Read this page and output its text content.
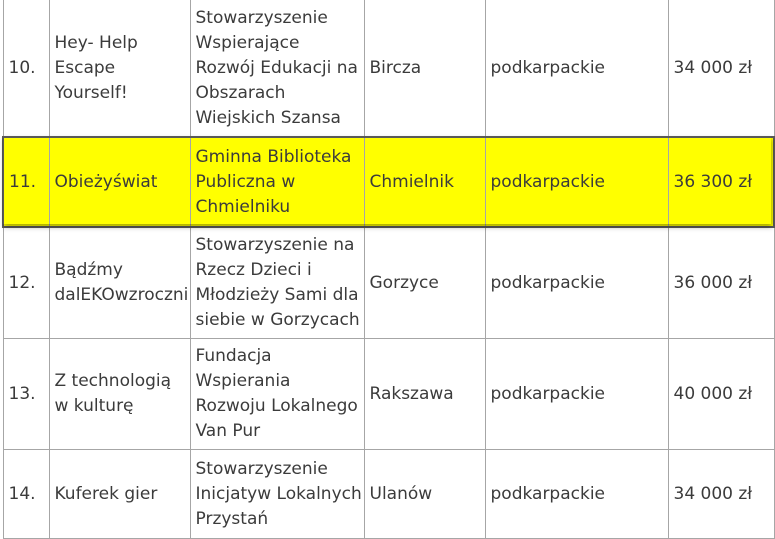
10.	Hey- Help
Escape
Yourself!	Stowarzyszenie
Wspierające
Rozwój Edukacji na
Obszarach
Wiejskich Szansa	Bircza	podkarpackie	34 000 zł
11.	Obieżyświat	Gminna Biblioteka
Publiczna w
Chmielniku	Chmielnik	podkarpackie	36 300 zł
12.	Bądźmy
dalEKOwzroczni	Stowarzyszenie na
Rzecz Dzieci i
Młodzieży Sami dla
siebie w Gorzycach	Gorzyce	podkarpackie	36 000 zł
13.	Z technologią
w kulturę	Fundacja
Wspierania
Rozwoju Lokalnego
Van Pur	Rakszawa	podkarpackie	40 000 zł
14.	Kuferek gier	Stowarzyszenie
Inicjatyw Lokalnych
Przystań	Ulanów	podkarpackie	34 000 zł
